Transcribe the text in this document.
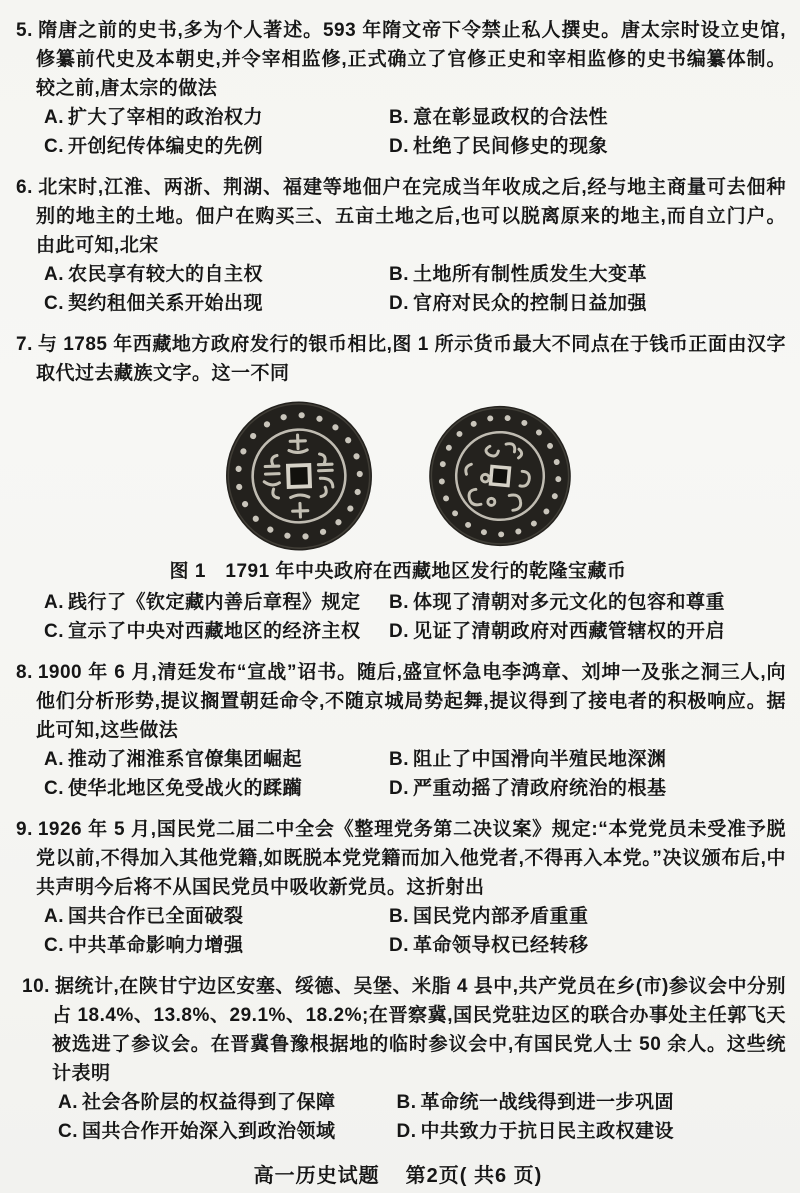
5. 隋唐之前的史书,多为个人著述。593 年隋文帝下令禁止私人撰史。唐太宗时设立史馆,修纂前代史及本朝史,并令宰相监修,正式确立了官修正史和宰相监修的史书编纂体制。较之前,唐太宗的做法

A. 扩大了宰相的政治权力	B. 意在彰显政权的合法性
C. 开创纪传体编史的先例	D. 杜绝了民间修史的现象

6. 北宋时,江淮、两浙、荆湖、福建等地佃户在完成当年收成之后,经与地主商量可去佃种别的地主的土地。佃户在购买三、五亩土地之后,也可以脱离原来的地主,而自立门户。由此可知,北宋

A. 农民享有较大的自主权	B. 土地所有制性质发生大变革
C. 契约租佃关系开始出现	D. 官府对民众的控制日益加强

7. 与 1785 年西藏地方政府发行的银币相比,图 1 所示货币最大不同点在于钱币正面由汉字取代过去藏族文字。这一不同

图 1　1791 年中央政府在西藏地区发行的乾隆宝藏币
A. 践行了《钦定藏内善后章程》规定	B. 体现了清朝对多元文化的包容和尊重
C. 宣示了中央对西藏地区的经济主权	D. 见证了清朝政府对西藏管辖权的开启

8. 1900 年 6 月,清廷发布“宣战”诏书。随后,盛宣怀急电李鸿章、刘坤一及张之洞三人,向他们分析形势,提议搁置朝廷命令,不随京城局势起舞,提议得到了接电者的积极响应。据此可知,这些做法

A. 推动了湘淮系官僚集团崛起	B. 阻止了中国滑向半殖民地深渊
C. 使华北地区免受战火的蹂躏	D. 严重动摇了清政府统治的根基

9. 1926 年 5 月,国民党二届二中全会《整理党务第二决议案》规定:“本党党员未受准予脱党以前,不得加入其他党籍,如既脱本党党籍而加入他党者,不得再入本党。”决议颁布后,中共声明今后将不从国民党员中吸收新党员。这折射出

A. 国共合作已全面破裂	B. 国民党内部矛盾重重
C. 中共革命影响力增强	D. 革命领导权已经转移

10. 据统计,在陕甘宁边区安塞、绥德、吴堡、米脂 4 县中,共产党员在乡(市)参议会中分别占 18.4%、13.8%、29.1%、18.2%;在晋察冀,国民党驻边区的联合办事处主任郭飞天被选进了参议会。在晋冀鲁豫根据地的临时参议会中,有国民党人士 50 余人。这些统计表明

A. 社会各阶层的权益得到了保障	B. 革命统一战线得到进一步巩固
C. 国共合作开始深入到政治领域	D. 中共致力于抗日民主政权建设
高一历史试题 第2页( 共6 页)
